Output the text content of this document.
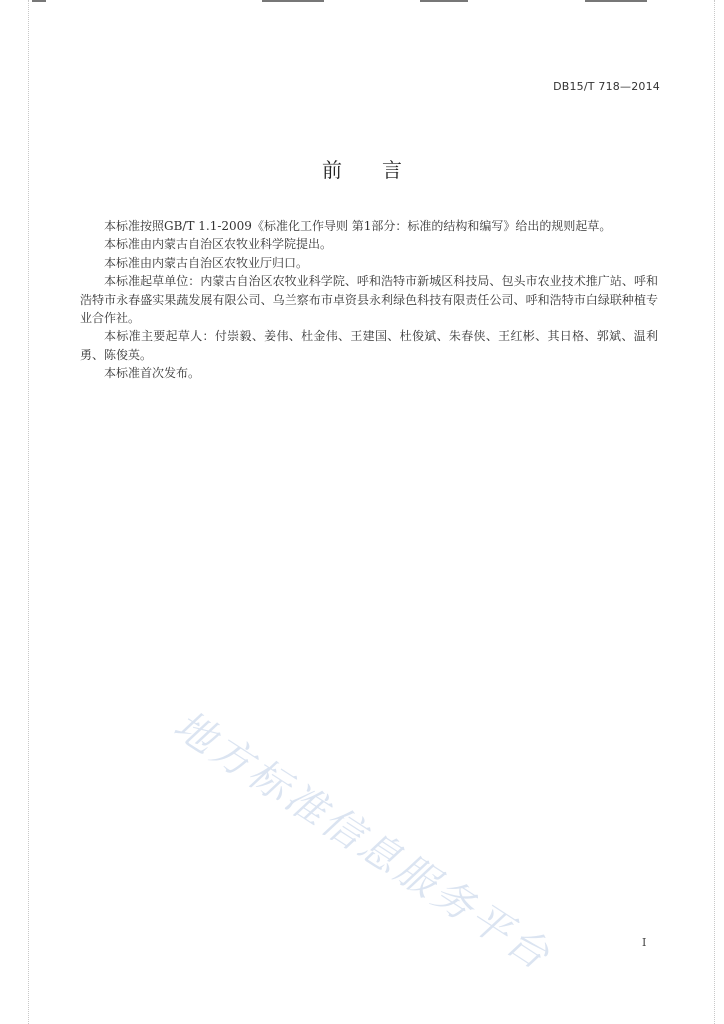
DB15/T 718—2014
前 言

本标准按照GB/T 1.1-2009《标准化工作导则 第1部分：标准的结构和编写》给出的规则起草。

本标准由内蒙古自治区农牧业科学院提出。

本标准由内蒙古自治区农牧业厅归口。

本标准起草单位：内蒙古自治区农牧业科学院、呼和浩特市新城区科技局、包头市农业技术推广站、呼和浩特市永春盛实果蔬发展有限公司、乌兰察布市卓资县永利绿色科技有限责任公司、呼和浩特市白绿联种植专业合作社。

本标准主要起草人：付崇毅、姜伟、杜金伟、王建国、杜俊斌、朱春侠、王红彬、其日格、郭斌、温利勇、陈俊英。

本标准首次发布。

地方标准信息服务平台	I
